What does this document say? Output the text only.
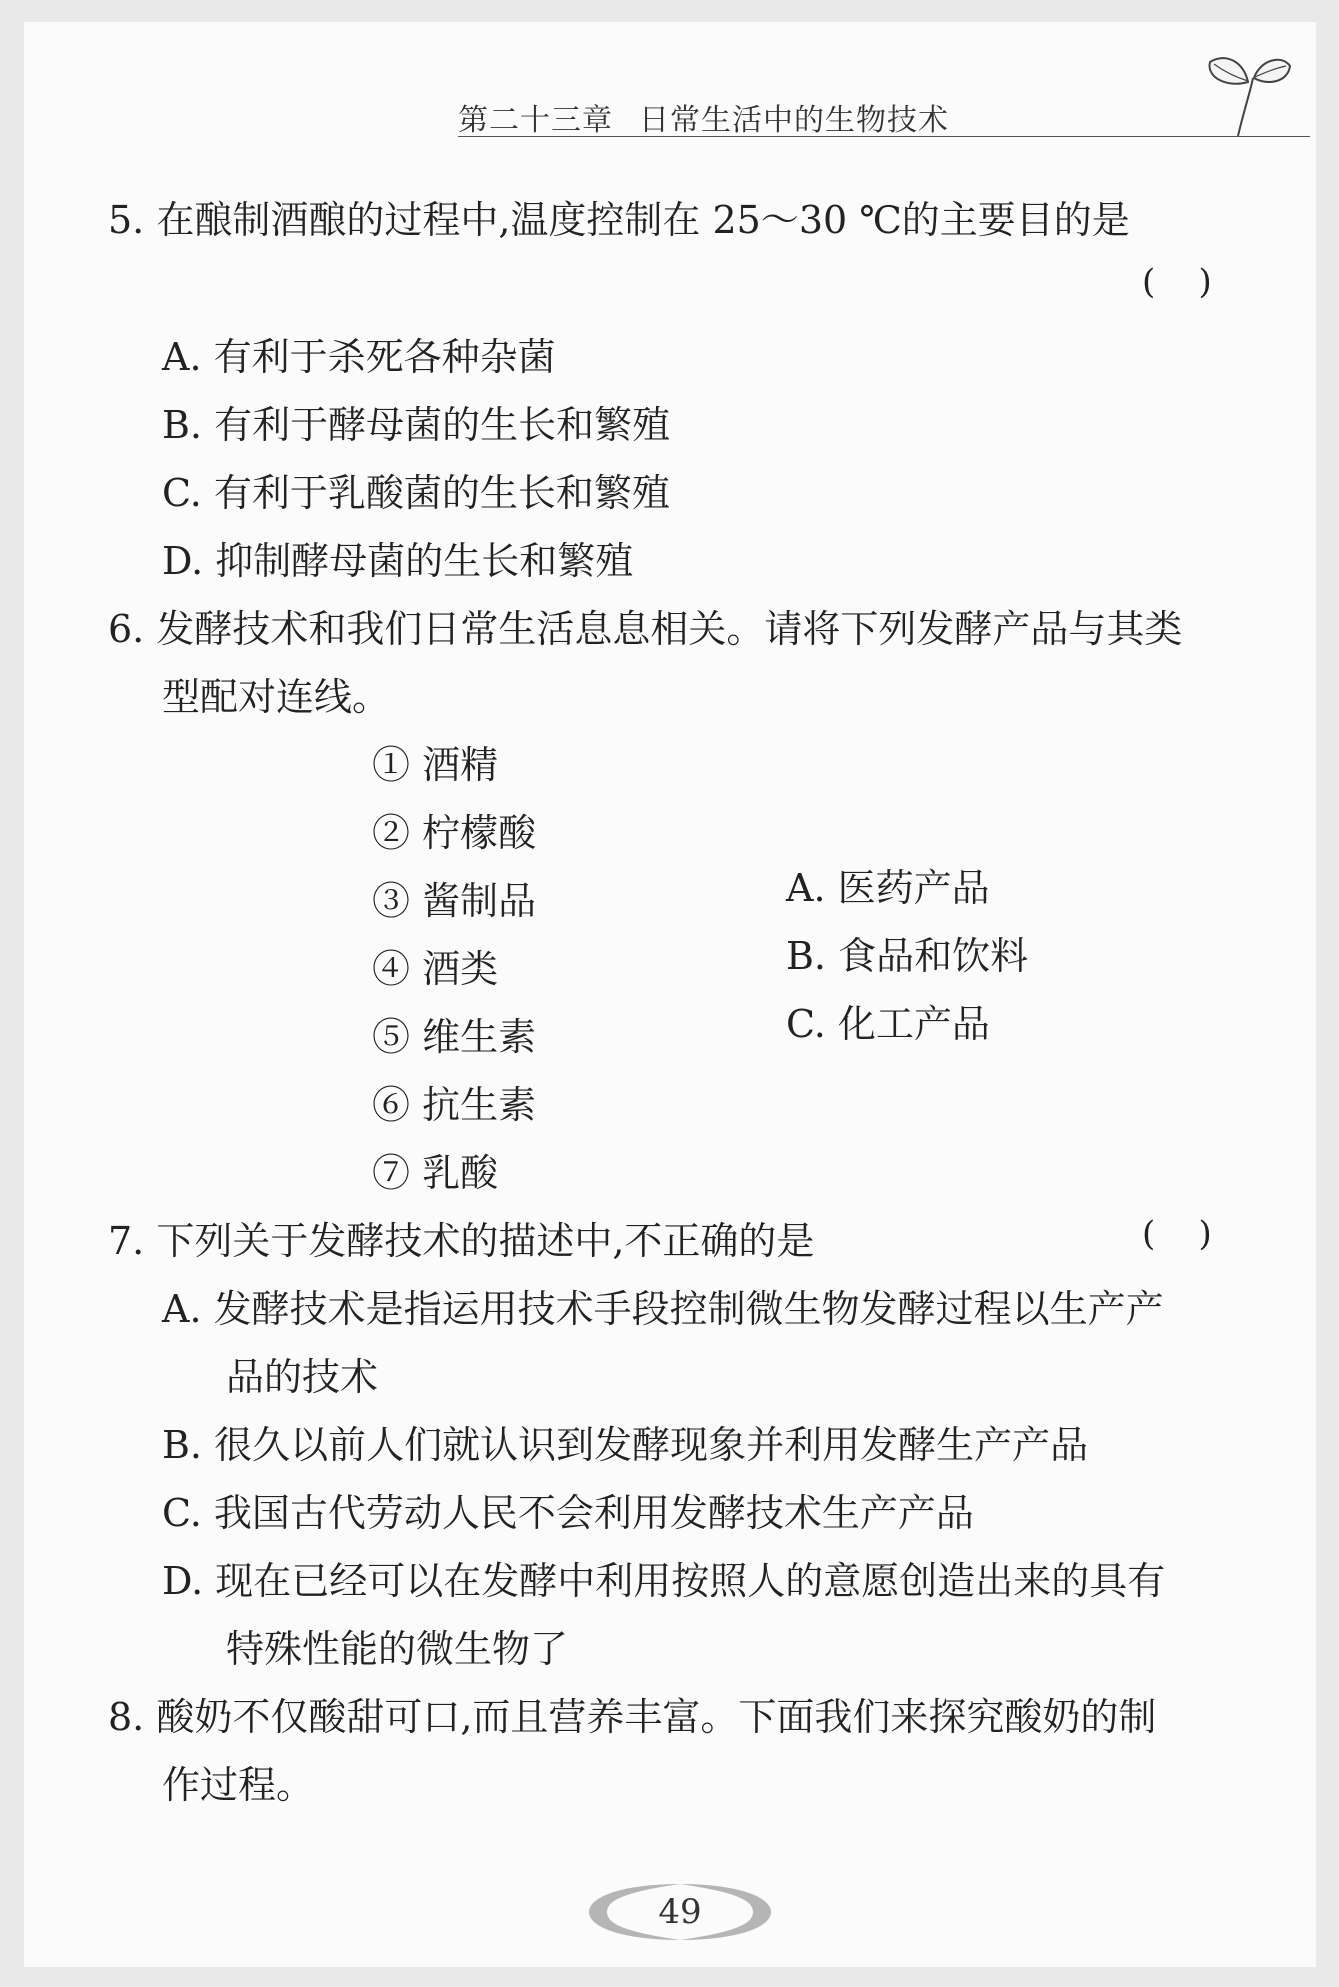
第二十三章 日常生活中的生物技术
5. 在酿制酒酿的过程中,温度控制在 25～30 ℃的主要目的是
(    )
A. 有利于杀死各种杂菌
B. 有利于酵母菌的生长和繁殖
C. 有利于乳酸菌的生长和繁殖
D. 抑制酵母菌的生长和繁殖
6. 发酵技术和我们日常生活息息相关。请将下列发酵产品与其类
型配对连线。
① 酒精
② 柠檬酸
③ 酱制品
④ 酒类
⑤ 维生素
⑥ 抗生素
⑦ 乳酸
A. 医药产品
B. 食品和饮料
C. 化工产品
7. 下列关于发酵技术的描述中,不正确的是	(    )
A. 发酵技术是指运用技术手段控制微生物发酵过程以生产产
品的技术
B. 很久以前人们就认识到发酵现象并利用发酵生产产品
C. 我国古代劳动人民不会利用发酵技术生产产品
D. 现在已经可以在发酵中利用按照人的意愿创造出来的具有
特殊性能的微生物了
8. 酸奶不仅酸甜可口,而且营养丰富。下面我们来探究酸奶的制
作过程。
49
